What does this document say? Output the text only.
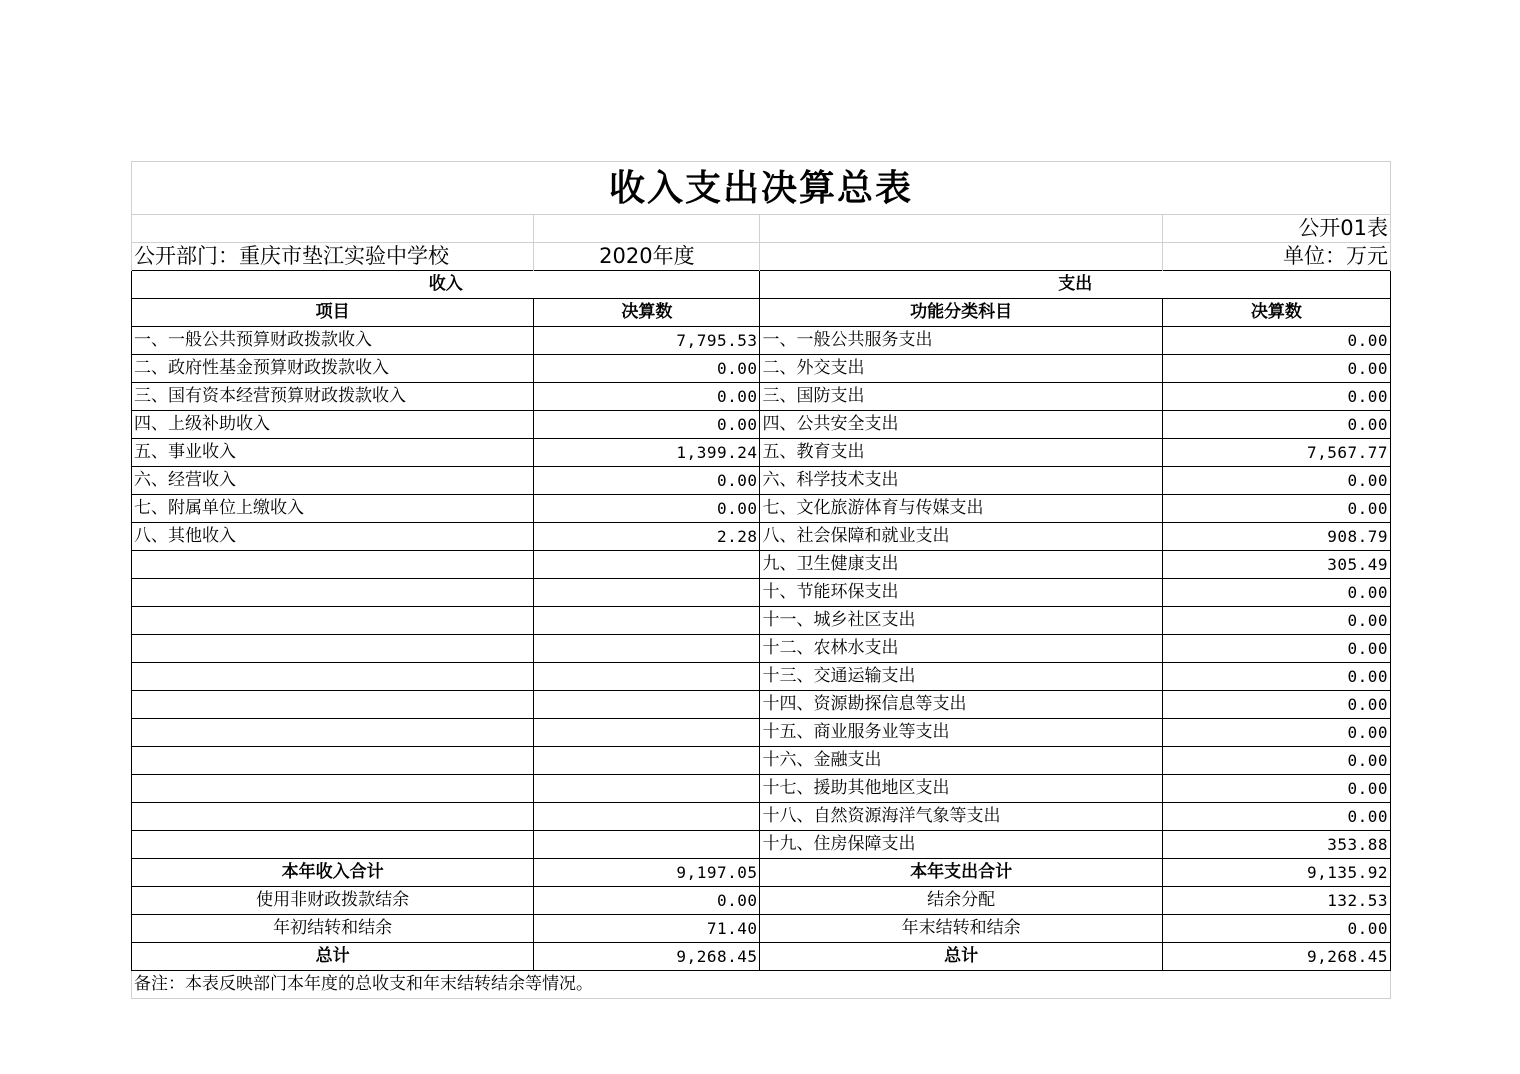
收入支出决算总表			
			公开01表
公开部门：重庆市垫江实验中学校	2020年度		单位：万元
收入		支出	
项目	决算数	功能分类科目	决算数
一、一般公共预算财政拨款收入	7,795.53	一、一般公共服务支出	0.00
二、政府性基金预算财政拨款收入	0.00	二、外交支出	0.00
三、国有资本经营预算财政拨款收入	0.00	三、国防支出	0.00
四、上级补助收入	0.00	四、公共安全支出	0.00
五、事业收入	1,399.24	五、教育支出	7,567.77
六、经营收入	0.00	六、科学技术支出	0.00
七、附属单位上缴收入	0.00	七、文化旅游体育与传媒支出	0.00
八、其他收入	2.28	八、社会保障和就业支出	908.79
		九、卫生健康支出	305.49
		十、节能环保支出	0.00
		十一、城乡社区支出	0.00
		十二、农林水支出	0.00
		十三、交通运输支出	0.00
		十四、资源勘探信息等支出	0.00
		十五、商业服务业等支出	0.00
		十六、金融支出	0.00
		十七、援助其他地区支出	0.00
		十八、自然资源海洋气象等支出	0.00
		十九、住房保障支出	353.88
本年收入合计	9,197.05	本年支出合计	9,135.92
使用非财政拨款结余	0.00	结余分配	132.53
年初结转和结余	71.40	年末结转和结余	0.00
总计	9,268.45	总计	9,268.45
备注：本表反映部门本年度的总收支和年末结转结余等情况。			
